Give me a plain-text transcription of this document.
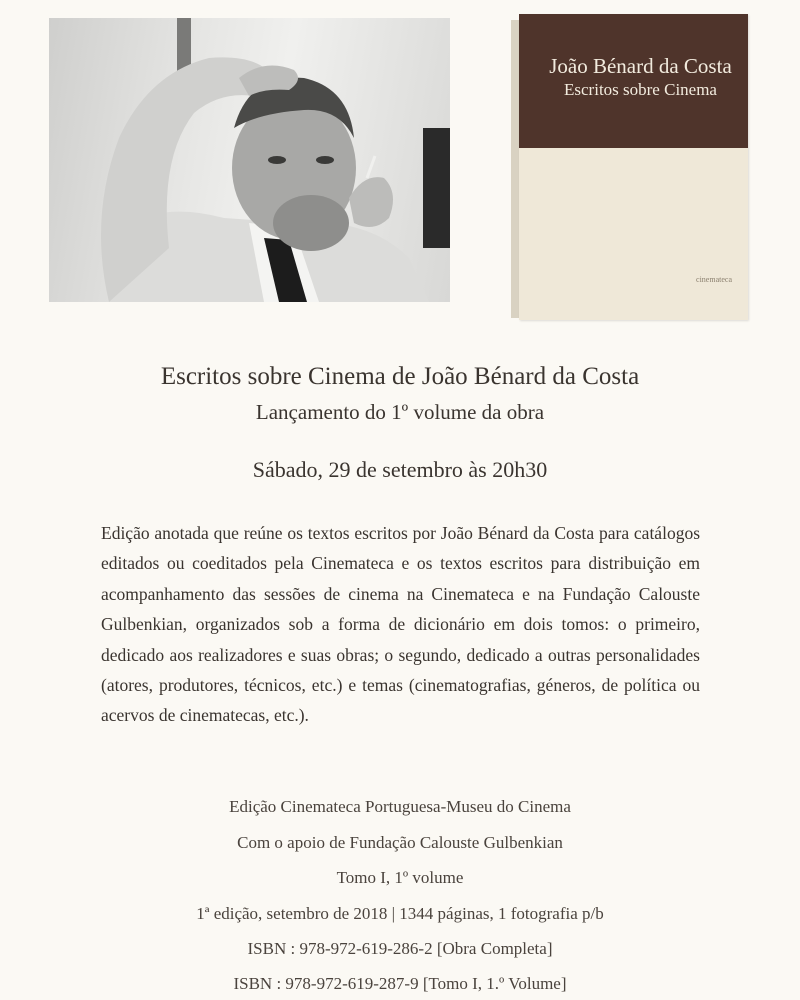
João Bénard da Costa
Escritos sobre Cinema
cinemateca
Escritos sobre Cinema de João Bénard da Costa
Lançamento do 1º volume da obra
Sábado, 29 de setembro às 20h30
Edição anotada que reúne os textos escritos por João Bénard da Costa para catálogos editados ou coeditados pela Cinemateca e os textos escritos para distribuição em acompanhamento das sessões de cinema na Cinemateca e na Fundação Calouste Gulbenkian, organizados sob a forma de dicionário em dois tomos: o primeiro, dedicado aos realizadores e suas obras; o segundo, dedicado a outras personalidades (atores, produtores, técnicos, etc.) e temas (cinematografias, géneros, de política ou acervos de cinematecas, etc.).
Edição Cinemateca Portuguesa-Museu do Cinema
Com o apoio de Fundação Calouste Gulbenkian
Tomo I, 1º volume
1ª edição, setembro de 2018 | 1344 páginas, 1 fotografia p/b
ISBN : 978-972-619-286-2 [Obra Completa]
ISBN : 978-972-619-287-9 [Tomo I, 1.º Volume]
